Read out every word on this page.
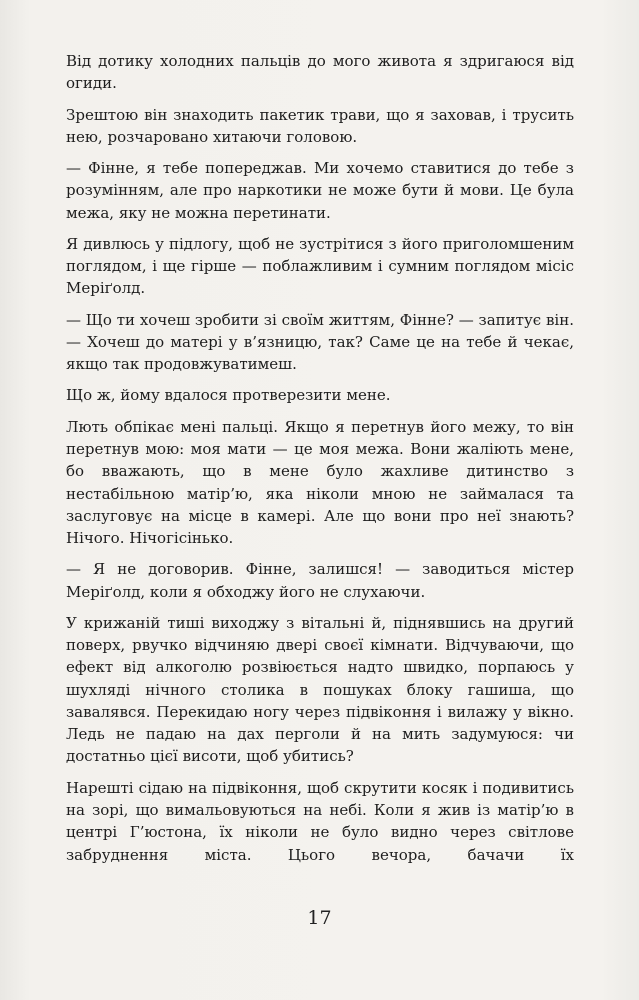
Від дотику холодних пальців до мого живота я здригаюся від огиди.

Зрештою він знаходить пакетик трави, що я заховав, і трусить нею, розчаровано хитаючи головою.

— Фінне, я тебе попереджав. Ми хочемо ставитися до тебе з розумінням, але про наркотики не може бути й мови. Це була межа, яку не можна перетинати.

Я дивлюсь у підлогу, щоб не зустрітися з його приголомшеним поглядом, і ще гірше — поблажливим і сумним поглядом місіс Меріґолд.

— Що ти хочеш зробити зі своїм життям, Фінне? — запитує він. — Хочеш до матері у в’язницю, так? Саме це на тебе й чекає, якщо так продовжуватимеш.

Що ж, йому вдалося протверезити мене.

Лють обпікає мені пальці. Якщо я перетнув його межу, то він перетнув мою: моя мати — це моя межа. Вони жаліють мене, бо вважають, що в мене було жахливе дитинство з нестабільною матір’ю, яка ніколи мною не займалася та заслуговує на місце в камері. Але що вони про неї знають? Нічого. Нічогісінько.

— Я не договорив. Фінне, залишся! — заводиться містер Меріґолд, коли я обходжу його не слухаючи.

У крижаній тиші виходжу з вітальні й, піднявшись на другий поверх, рвучко відчиняю двері своєї кімнати. Відчуваючи, що ефект від алкоголю розвіюється надто швидко, порпаюсь у шухляді нічного столика в пошуках блоку гашиша, що завалявся. Перекидаю ногу через підвіконня і вилажу у вікно. Ледь не падаю на дах перголи й на мить задумуюся: чи достатньо цієї висоти, щоб убитись?

Нарешті сідаю на підвіконня, щоб скрутити косяк і подивитись на зорі, що вимальовуються на небі. Коли я жив із матір’ю в центрі Г’юстона, їх ніколи не було видно через світлове забруднення міста. Цього вечора, бачачи їх

17
